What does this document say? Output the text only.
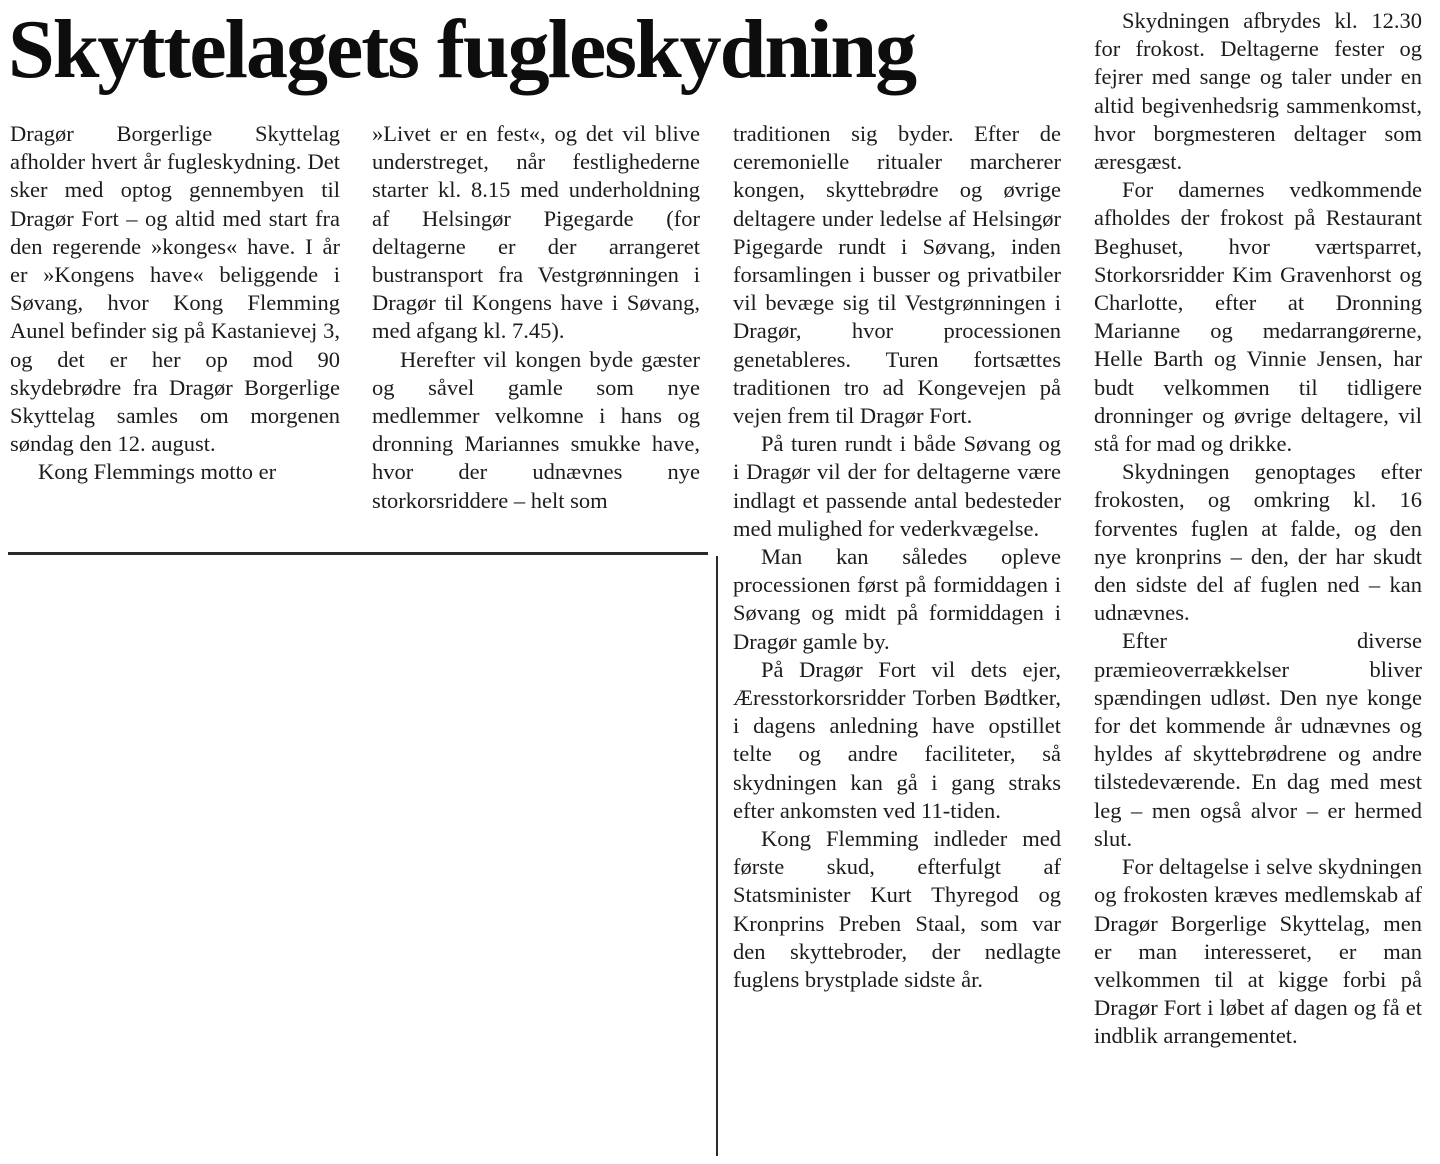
Skyttelagets fugleskydning

Dragør Borgerlige Skyttelag afholder hvert år fugleskydning. Det sker med optog gennembyen til Dragør Fort – og altid med start fra den regerende »konges« have. I år er »Kongens have« beliggende i Søvang, hvor Kong Flemming Aunel befinder sig på Kastanievej 3, og det er her op mod 90 skydebrødre fra Dragør Borgerlige Skyttelag samles om morgenen søndag den 12. august.

Kong Flemmings motto er

»Livet er en fest«, og det vil blive understreget, når festlighederne starter kl. 8.15 med underholdning af Helsingør Pigegarde (for deltagerne er der arrangeret bustransport fra Vestgrønningen i Dragør til Kongens have i Søvang, med afgang kl. 7.45).

Herefter vil kongen byde gæster og såvel gamle som nye medlemmer velkomne i hans og dronning Mariannes smukke have, hvor der udnævnes nye storkorsriddere – helt som

traditionen sig byder. Efter de ceremonielle ritualer marcherer kongen, skyttebrødre og øvrige deltagere under ledelse af Helsingør Pigegarde rundt i Søvang, inden forsamlingen i busser og privatbiler vil bevæge sig til Vestgrønningen i Dragør, hvor processionen genetableres. Turen fortsættes traditionen tro ad Kongevejen på vejen frem til Dragør Fort.

På turen rundt i både Søvang og i Dragør vil der for deltagerne være indlagt et passende antal bedesteder med mulighed for vederkvægelse.

Man kan således opleve processionen først på formiddagen i Søvang og midt på formiddagen i Dragør gamle by.

På Dragør Fort vil dets ejer, Æresstorkorsridder Torben Bødtker, i dagens anledning have opstillet telte og andre faciliteter, så skydningen kan gå i gang straks efter ankomsten ved 11-tiden.

Kong Flemming indleder med første skud, efterfulgt af Statsminister Kurt Thyregod og Kronprins Preben Staal, som var den skyttebroder, der nedlagte fuglens brystplade sidste år.

Skydningen afbrydes kl. 12.30 for frokost. Deltagerne fester og fejrer med sange og taler under en altid begivenhedsrig sammenkomst, hvor borgmesteren deltager som æresgæst.

For damernes vedkommende afholdes der frokost på Restaurant Beghuset, hvor værtsparret, Storkorsridder Kim Gravenhorst og Charlotte, efter at Dronning Marianne og medarrangørerne, Helle Barth og Vinnie Jensen, har budt velkommen til tidligere dronninger og øvrige deltagere, vil stå for mad og drikke.

Skydningen genoptages efter frokosten, og omkring kl. 16 forventes fuglen at falde, og den nye kronprins – den, der har skudt den sidste del af fuglen ned – kan udnævnes.

Efter diverse præmieoverrækkelser bliver spændingen udløst. Den nye konge for det kommende år udnævnes og hyldes af skyttebrødrene og andre tilstedeværende. En dag med mest leg – men også alvor – er hermed slut.

For deltagelse i selve skydningen og frokosten kræves medlemskab af Dragør Borgerlige Skyttelag, men er man interesseret, er man velkommen til at kigge forbi på Dragør Fort i løbet af dagen og få et indblik arrangementet.
